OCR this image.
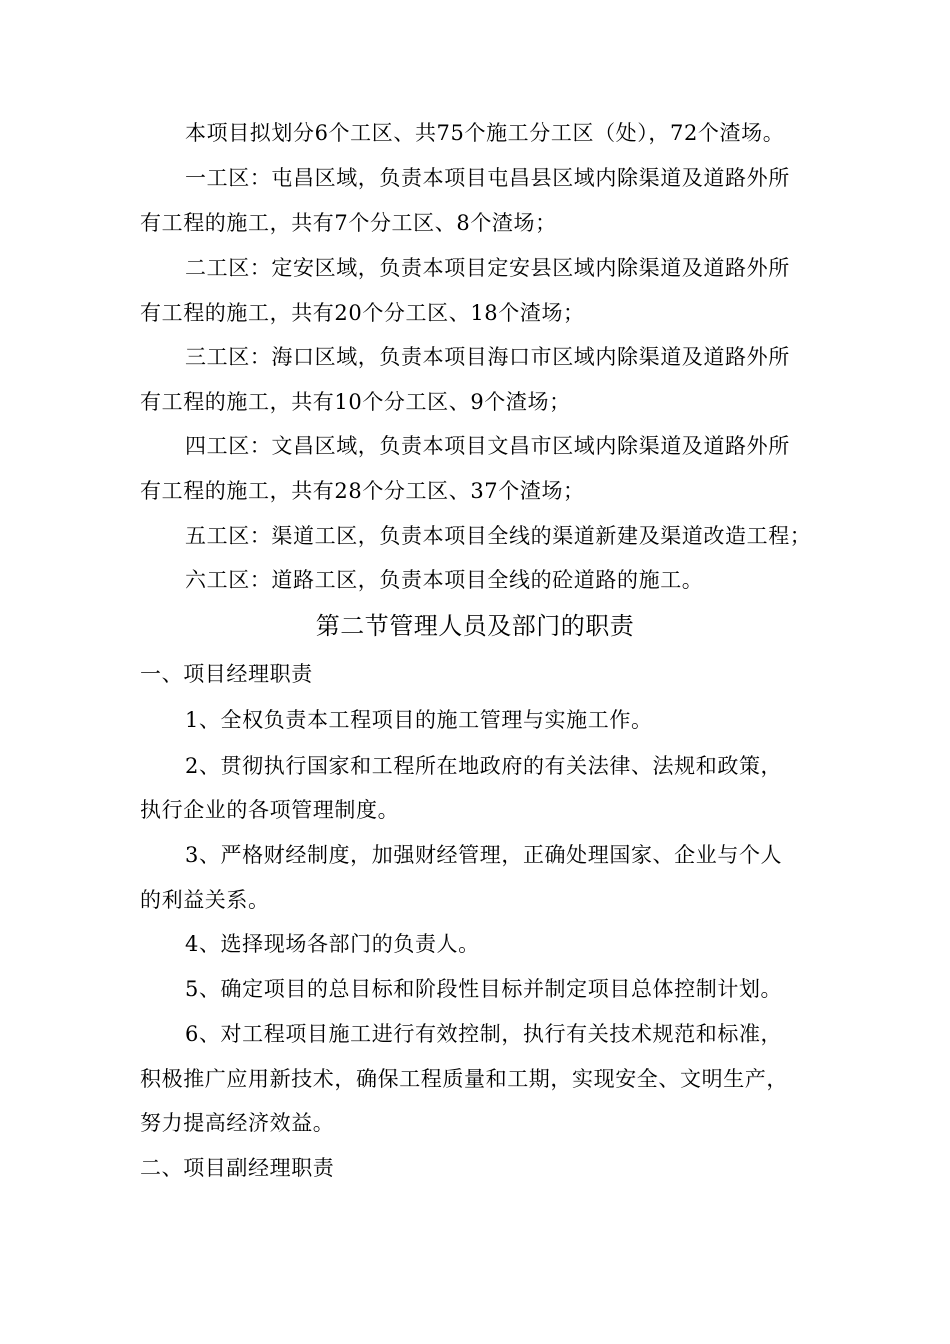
本项目拟划分6个工区、共75个施工分工区（处），72个渣场。
一工区：屯昌区域，负责本项目屯昌县区域内除渠道及道路外所
有工程的施工，共有7个分工区、8个渣场；
二工区：定安区域，负责本项目定安县区域内除渠道及道路外所
有工程的施工，共有20个分工区、18个渣场；
三工区：海口区域，负责本项目海口市区域内除渠道及道路外所
有工程的施工，共有10个分工区、9个渣场；
四工区：文昌区域，负责本项目文昌市区域内除渠道及道路外所
有工程的施工，共有28个分工区、37个渣场；
五工区：渠道工区，负责本项目全线的渠道新建及渠道改造工程；
六工区：道路工区，负责本项目全线的砼道路的施工。
第二节管理人员及部门的职责
一、项目经理职责
1、全权负责本工程项目的施工管理与实施工作。
2、贯彻执行国家和工程所在地政府的有关法律、法规和政策，
执行企业的各项管理制度。
3、严格财经制度，加强财经管理，正确处理国家、企业与个人
的利益关系。
4、选择现场各部门的负责人。
5、确定项目的总目标和阶段性目标并制定项目总体控制计划。
6、对工程项目施工进行有效控制，执行有关技术规范和标准，
积极推广应用新技术，确保工程质量和工期，实现安全、文明生产，
努力提高经济效益。
二、项目副经理职责
